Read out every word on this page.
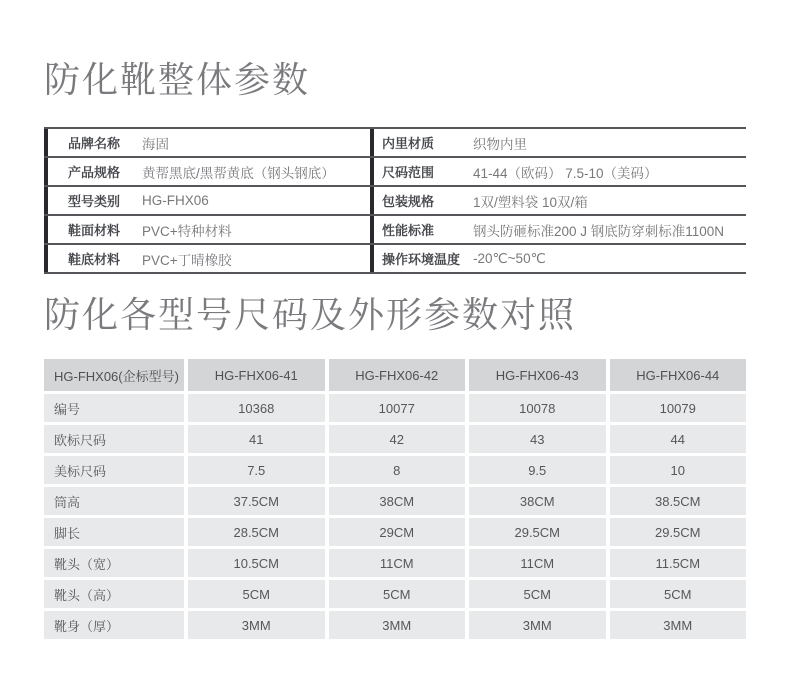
防化靴整体参数
品牌名称	海固	内里材质	织物内里
产品规格	黄帮黑底/黑帮黄底（钢头钢底）	尺码范围	41-44（欧码） 7.5-10（美码）
型号类别	HG-FHX06	包装规格	1双/塑料袋 10双/箱
鞋面材料	PVC+特种材料	性能标准	钢头防砸标准200 J 钢底防穿刺标准1100N
鞋底材料	PVC+丁晴橡胶	操作环境温度 -20℃~50℃
防化各型号尺码及外形参数对照
HG-FHX06(企标型号)	HG-FHX06-41	HG-FHX06-42	HG-FHX06-43	HG-FHX06-44
编号	10368	10077	10078	10079
欧标尺码	41	42	43	44
美标尺码	7.5	8	9.5	10
筒高	37.5CM	38CM	38CM	38.5CM
脚长	28.5CM	29CM	29.5CM	29.5CM
靴头（宽）	10.5CM	11CM	11CM	11.5CM
靴头（高）	5CM	5CM	5CM	5CM
靴身（厚）	3MM	3MM	3MM	3MM
